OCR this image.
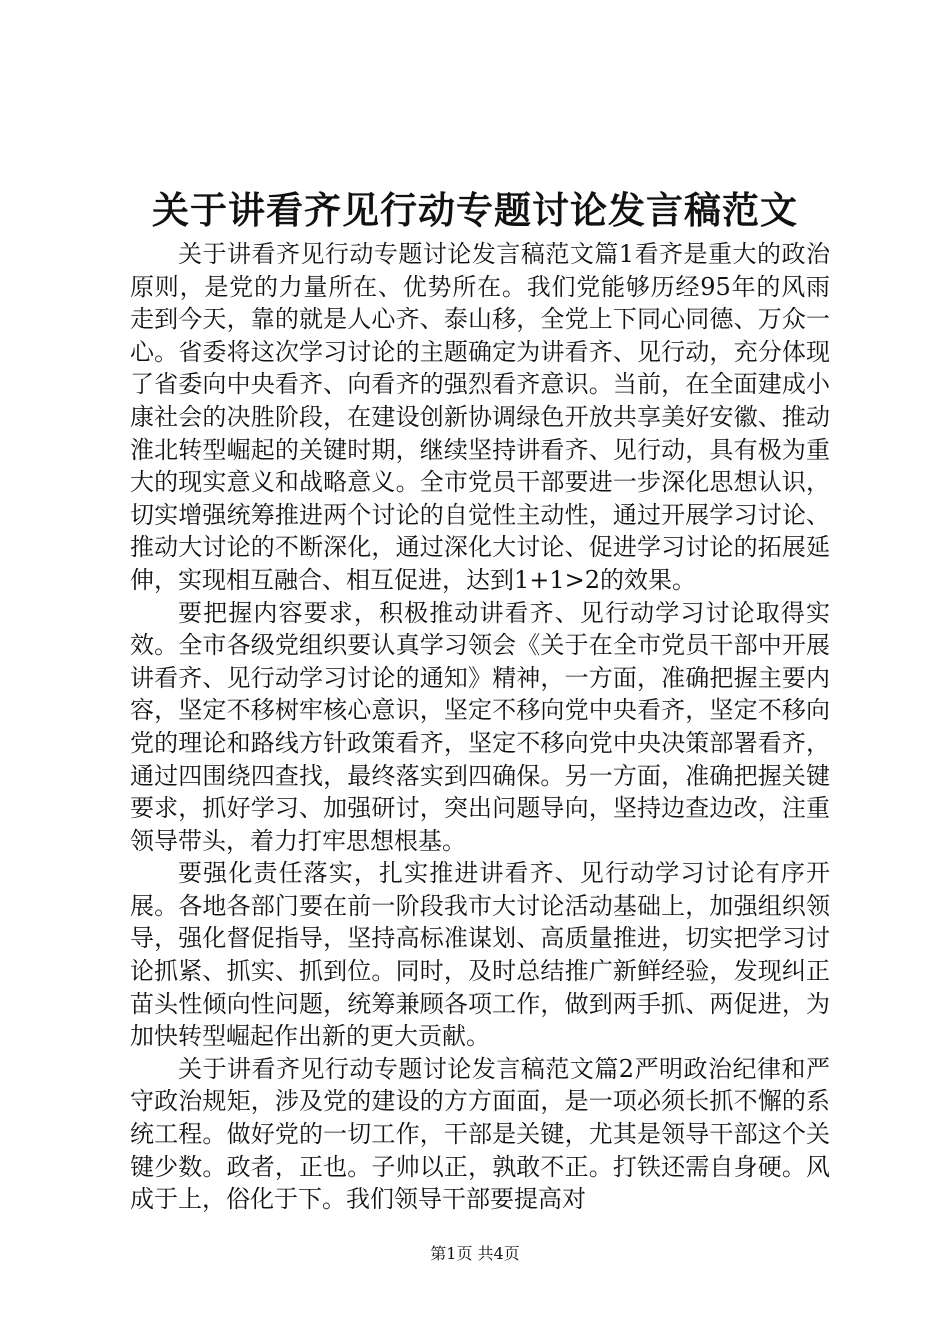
关于讲看齐见行动专题讨论发言稿范文

关于讲看齐见行动专题讨论发言稿范文篇1看齐是重大的政治原则，是党的力量所在、优势所在。我们党能够历经95年的风雨走到今天，靠的就是人心齐、泰山移，全党上下同心同德、万众一心。省委将这次学习讨论的主题确定为讲看齐、见行动，充分体现了省委向中央看齐、向看齐的强烈看齐意识。当前，在全面建成小康社会的决胜阶段，在建设创新协调绿色开放共享美好安徽、推动淮北转型崛起的关键时期，继续坚持讲看齐、见行动，具有极为重大的现实意义和战略意义。全市党员干部要进一步深化思想认识，切实增强统筹推进两个讨论的自觉性主动性，通过开展学习讨论、推动大讨论的不断深化，通过深化大讨论、促进学习讨论的拓展延伸，实现相互融合、相互促进，达到1+1>2的效果。

要把握内容要求，积极推动讲看齐、见行动学习讨论取得实效。全市各级党组织要认真学习领会《关于在全市党员干部中开展讲看齐、见行动学习讨论的通知》精神，一方面，准确把握主要内容，坚定不移树牢核心意识，坚定不移向党中央看齐，坚定不移向党的理论和路线方针政策看齐，坚定不移向党中央决策部署看齐，通过四围绕四查找，最终落实到四确保。另一方面，准确把握关键要求，抓好学习、加强研讨，突出问题导向，坚持边查边改，注重领导带头，着力打牢思想根基。

要强化责任落实，扎实推进讲看齐、见行动学习讨论有序开展。各地各部门要在前一阶段我市大讨论活动基础上，加强组织领导，强化督促指导，坚持高标准谋划、高质量推进，切实把学习讨论抓紧、抓实、抓到位。同时，及时总结推广新鲜经验，发现纠正苗头性倾向性问题，统筹兼顾各项工作，做到两手抓、两促进，为加快转型崛起作出新的更大贡献。

关于讲看齐见行动专题讨论发言稿范文篇2严明政治纪律和严守政治规矩，涉及党的建设的方方面面，是一项必须长抓不懈的系统工程。做好党的一切工作，干部是关键，尤其是领导干部这个关键少数。政者，正也。子帅以正，孰敢不正。打铁还需自身硬。风成于上，俗化于下。我们领导干部要提高对

第1页 共4页
